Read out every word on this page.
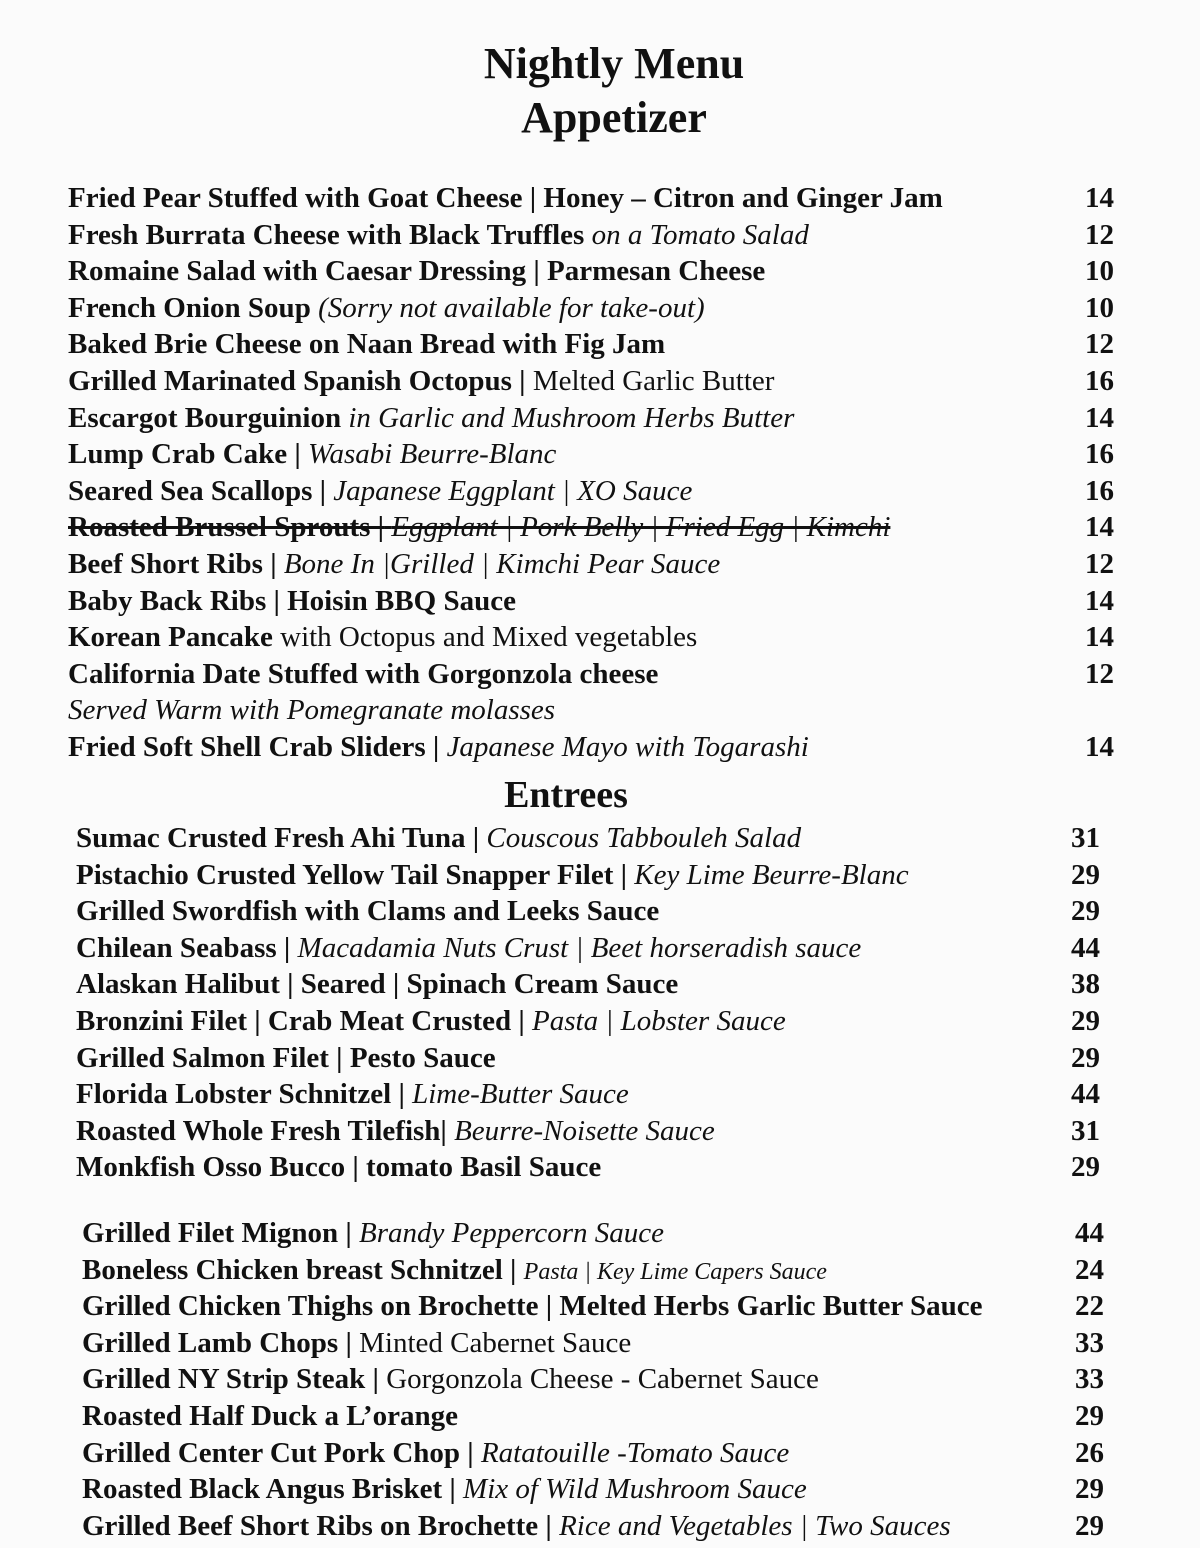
Nightly Menu
Appetizer
Fried Pear Stuffed with Goat Cheese | Honey – Citron and Ginger Jam	14
Fresh Burrata Cheese with Black Truffles on a Tomato Salad	12
Romaine Salad with Caesar Dressing | Parmesan Cheese	10
French Onion Soup (Sorry not available for take-out)	10
Baked Brie Cheese on Naan Bread with Fig Jam	12
Grilled Marinated Spanish Octopus | Melted Garlic Butter	16
Escargot Bourguinion in Garlic and Mushroom Herbs Butter	14
Lump Crab Cake | Wasabi Beurre-Blanc	16
Seared Sea Scallops | Japanese Eggplant | XO Sauce	16
Roasted Brussel Sprouts | Eggplant | Pork Belly | Fried Egg | Kimchi	14
Beef Short Ribs | Bone In |Grilled | Kimchi Pear Sauce	12
Baby Back Ribs | Hoisin BBQ Sauce	14
Korean Pancake with Octopus and Mixed vegetables	14
California Date Stuffed with Gorgonzola cheese	12
Served Warm with Pomegranate molasses
Fried Soft Shell Crab Sliders | Japanese Mayo with Togarashi	14
Entrees
Sumac Crusted Fresh Ahi Tuna | Couscous Tabbouleh Salad	31
Pistachio Crusted Yellow Tail Snapper Filet | Key Lime Beurre-Blanc	29
Grilled Swordfish with Clams and Leeks Sauce	29
Chilean Seabass | Macadamia Nuts Crust | Beet horseradish sauce	44
Alaskan Halibut | Seared | Spinach Cream Sauce	38
Bronzini Filet | Crab Meat Crusted | Pasta | Lobster Sauce	29
Grilled Salmon Filet | Pesto Sauce	29
Florida Lobster Schnitzel | Lime-Butter Sauce	44
Roasted Whole Fresh Tilefish| Beurre-Noisette Sauce	31
Monkfish Osso Bucco | tomato Basil Sauce	29
Grilled Filet Mignon | Brandy Peppercorn Sauce	44
Boneless Chicken breast Schnitzel | Pasta | Key Lime Capers Sauce	24
Grilled Chicken Thighs on Brochette | Melted Herbs Garlic Butter Sauce	22
Grilled Lamb Chops | Minted Cabernet Sauce	33
Grilled NY Strip Steak | Gorgonzola Cheese - Cabernet Sauce	33
Roasted Half Duck a L’orange	29
Grilled Center Cut Pork Chop | Ratatouille -Tomato Sauce	26
Roasted Black Angus Brisket | Mix of Wild Mushroom Sauce	29
Grilled Beef Short Ribs on Brochette | Rice and Vegetables | Two Sauces	29
